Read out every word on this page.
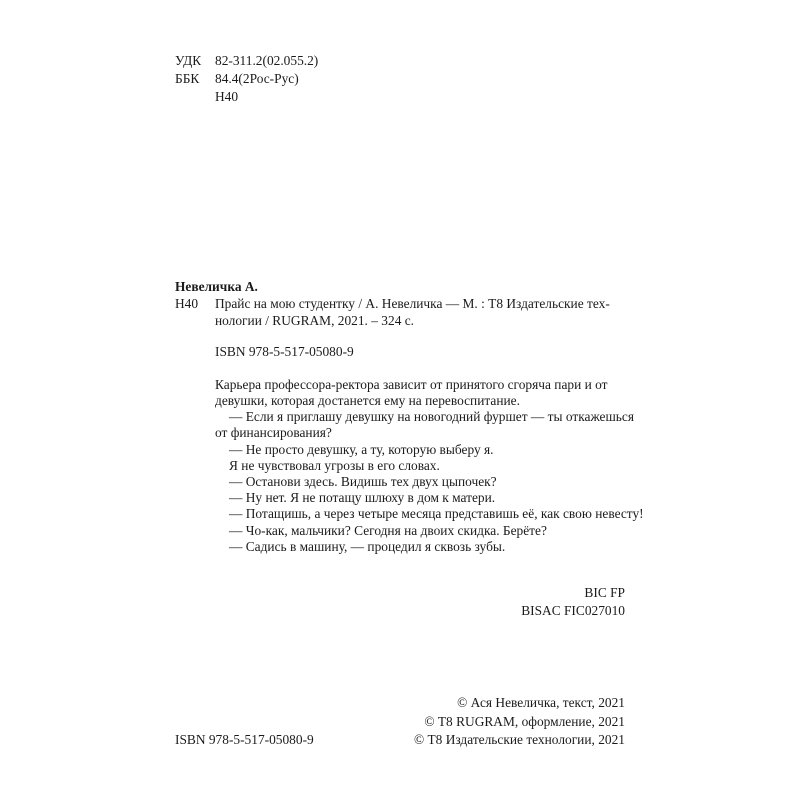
УДК 82-311.2(02.055.2)
ББК 84.4(2Рос-Рус)
Н40
Невеличка А.
Н40 Прайс на мою студентку / А. Невеличка — М. : Т8 Издательские тех-
нологии / RUGRAM, 2021. – 324 с.
ISBN 978-5-517-05080-9

Карьера профессора-ректора зависит от принятого сгоряча пари и от

девушки, которая достанется ему на перевоспитание.

— Если я приглашу девушку на новогодний фуршет — ты откажешься

от финансирования?

— Не просто девушку, а ту, которую выберу я.

Я не чувствовал угрозы в его словах.

— Останови здесь. Видишь тех двух цыпочек?

— Ну нет. Я не потащу шлюху в дом к матери.

— Потащишь, а через четыре месяца представишь её, как свою невесту!

— Чо-как, мальчики? Сегодня на двоих скидка. Берёте?

— Садись в машину, — процедил я сквозь зубы.

BIC FP
BISAC FIC027010
ISBN 978-5-517-05080-9
© Ася Невеличка, текст, 2021
© Т8 RUGRAM, оформление, 2021
© Т8 Издательские технологии, 2021
